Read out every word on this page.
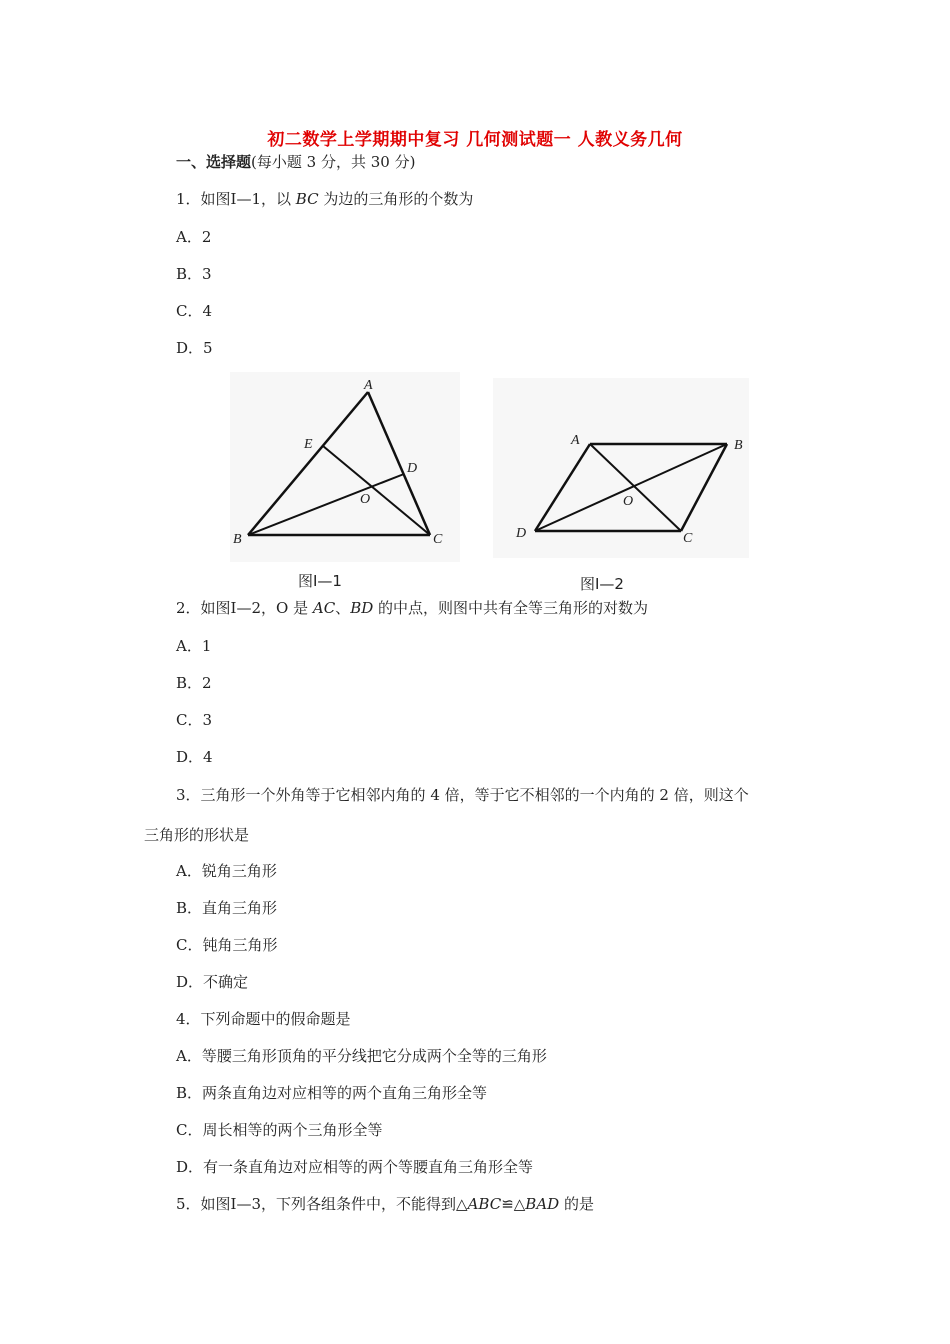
初二数学上学期期中复习 几何测试题一 人教义务几何
一、选择题(每小题 3 分，共 30 分)
1．如图Ⅰ—1，以 BC 为边的三角形的个数为
A．2
B．3
C．4
D．5
A
E
D
O
B	C
图Ⅰ—1
A	B
O
D	C
图Ⅰ—2
2．如图Ⅰ—2，O 是 AC、BD 的中点，则图中共有全等三角形的对数为
A．1
B．2
C．3
D．4
3．三角形一个外角等于它相邻内角的 4 倍，等于它不相邻的一个内角的 2 倍，则这个
三角形的形状是
A．锐角三角形
B．直角三角形
C．钝角三角形
D．不确定
4．下列命题中的假命题是
A．等腰三角形顶角的平分线把它分成两个全等的三角形
B．两条直角边对应相等的两个直角三角形全等
C．周长相等的两个三角形全等
D．有一条直角边对应相等的两个等腰直角三角形全等
5．如图Ⅰ—3，下列各组条件中，不能得到△ABC≌△BAD 的是
